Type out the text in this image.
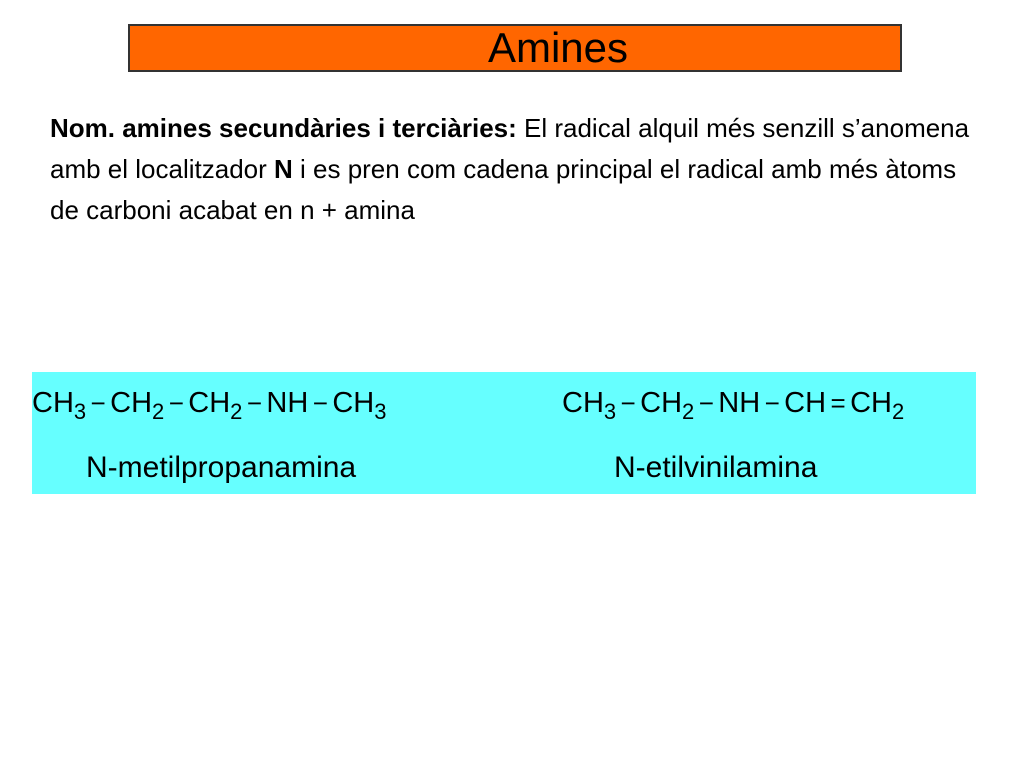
Amines
Nom. amines secundàries i terciàries: El radical alquil més senzill s’anomena amb el localitzador N i es pren com cadena principal el radical amb més àtoms de carboni acabat en n + amina
CH3 − CH2 − CH2 − NH − CH3	CH3 − CH2 − NH − CH = CH2
N-metilpropanamina	N-etilvinilamina
